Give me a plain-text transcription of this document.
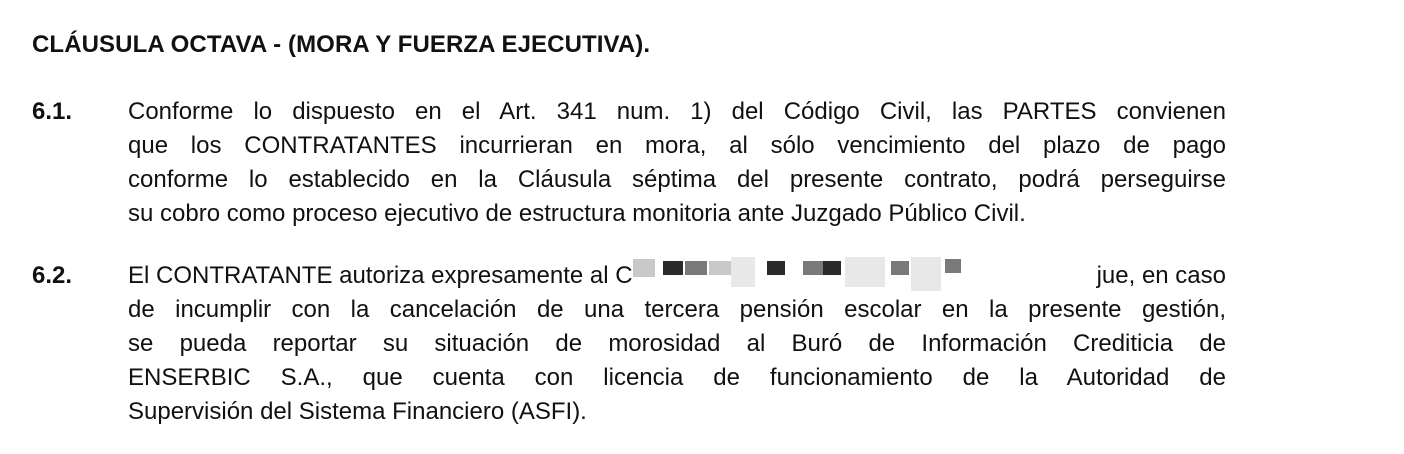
CLÁUSULA OCTAVA - (MORA Y FUERZA EJECUTIVA).
6.1. Conforme lo dispuesto en el Art. 341 num. 1) del Código Civil, las PARTES convienen
que los CONTRATANTES incurrieran en mora, al sólo vencimiento del plazo de pago
conforme lo establecido en la Cláusula séptima del presente contrato, podrá perseguirse
su cobro como proceso ejecutivo de estructura monitoria ante Juzgado Público Civil.
6.2. El CONTRATANTE autoriza expresamente al C	jue, en caso
de incumplir con la cancelación de una tercera pensión escolar en la presente gestión,
se pueda reportar su situación de morosidad al Buró de Información Crediticia de
ENSERBIC S.A., que cuenta con licencia de funcionamiento de la Autoridad de
Supervisión del Sistema Financiero (ASFI).
